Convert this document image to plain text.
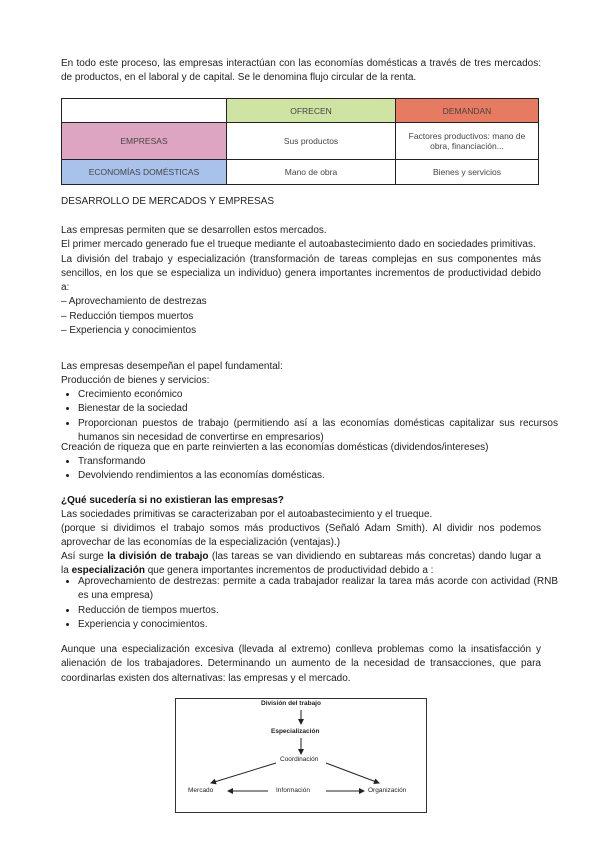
En todo este proceso, las empresas interactúan con las economías domésticas a través de tres mercados: de productos, en el laboral y de capital. Se le denomina flujo circular de la renta.

	OFRECEN	DEMANDAN
EMPRESAS	Sus productos	Factores productivos: mano de obra, financiación...
ECONOMÍAS DOMÉSTICAS	Mano de obra	Bienes y servicios

DESARROLLO DE MERCADOS Y EMPRESAS

Las empresas permiten que se desarrollen estos mercados.
El primer mercado generado fue el trueque mediante el autoabastecimiento dado en sociedades primitivas.
La división del trabajo y especialización (transformación de tareas complejas en sus componentes más sencillos, en los que se especializa un individuo) genera importantes incrementos de productividad debido a:
– Aprovechamiento de destrezas
– Reducción tiempos muertos
– Experiencia y conocimientos

Las empresas desempeñan el papel fundamental:

Producción de bienes y servicios:

• Crecimiento económico
• Bienestar de la sociedad
• Proporcionan puestos de trabajo (permitiendo así a las economías domésticas capitalizar sus recursos humanos sin necesidad de convertirse en empresarios)

Creación de riqueza que en parte reinvierten a las economías domésticas (dividendos/intereses)

• Transformando
• Devolviendo rendimientos a las economías domésticas.

¿Qué sucedería si no existieran las empresas?

Las sociedades primitivas se caracterizaban por el autoabastecimiento y el trueque.

(porque si dividimos el trabajo somos más productivos (Señaló Adam Smith). Al dividir nos podemos aprovechar de las economías de la especialización (ventajas).)

Así surge la división de trabajo (las tareas se van dividiendo en subtareas más concretas) dando lugar a la especialización que genera importantes incrementos de productividad debido a :

• Aprovechamiento de destrezas: permite a cada trabajador realizar la tarea más acorde con actividad (RNB es una empresa)
• Reducción de tiempos muertos.
• Experiencia y conocimientos.

Aunque una especialización excesiva (llevada al extremo) conlleva problemas como la insatisfacción y alienación de los trabajadores. Determinando un aumento de la necesidad de transacciones, que para coordinarlas existen dos alternativas: las empresas y el mercado.

División del trabajo
Especialización
Coordinación
Mercado	Información	Organización
